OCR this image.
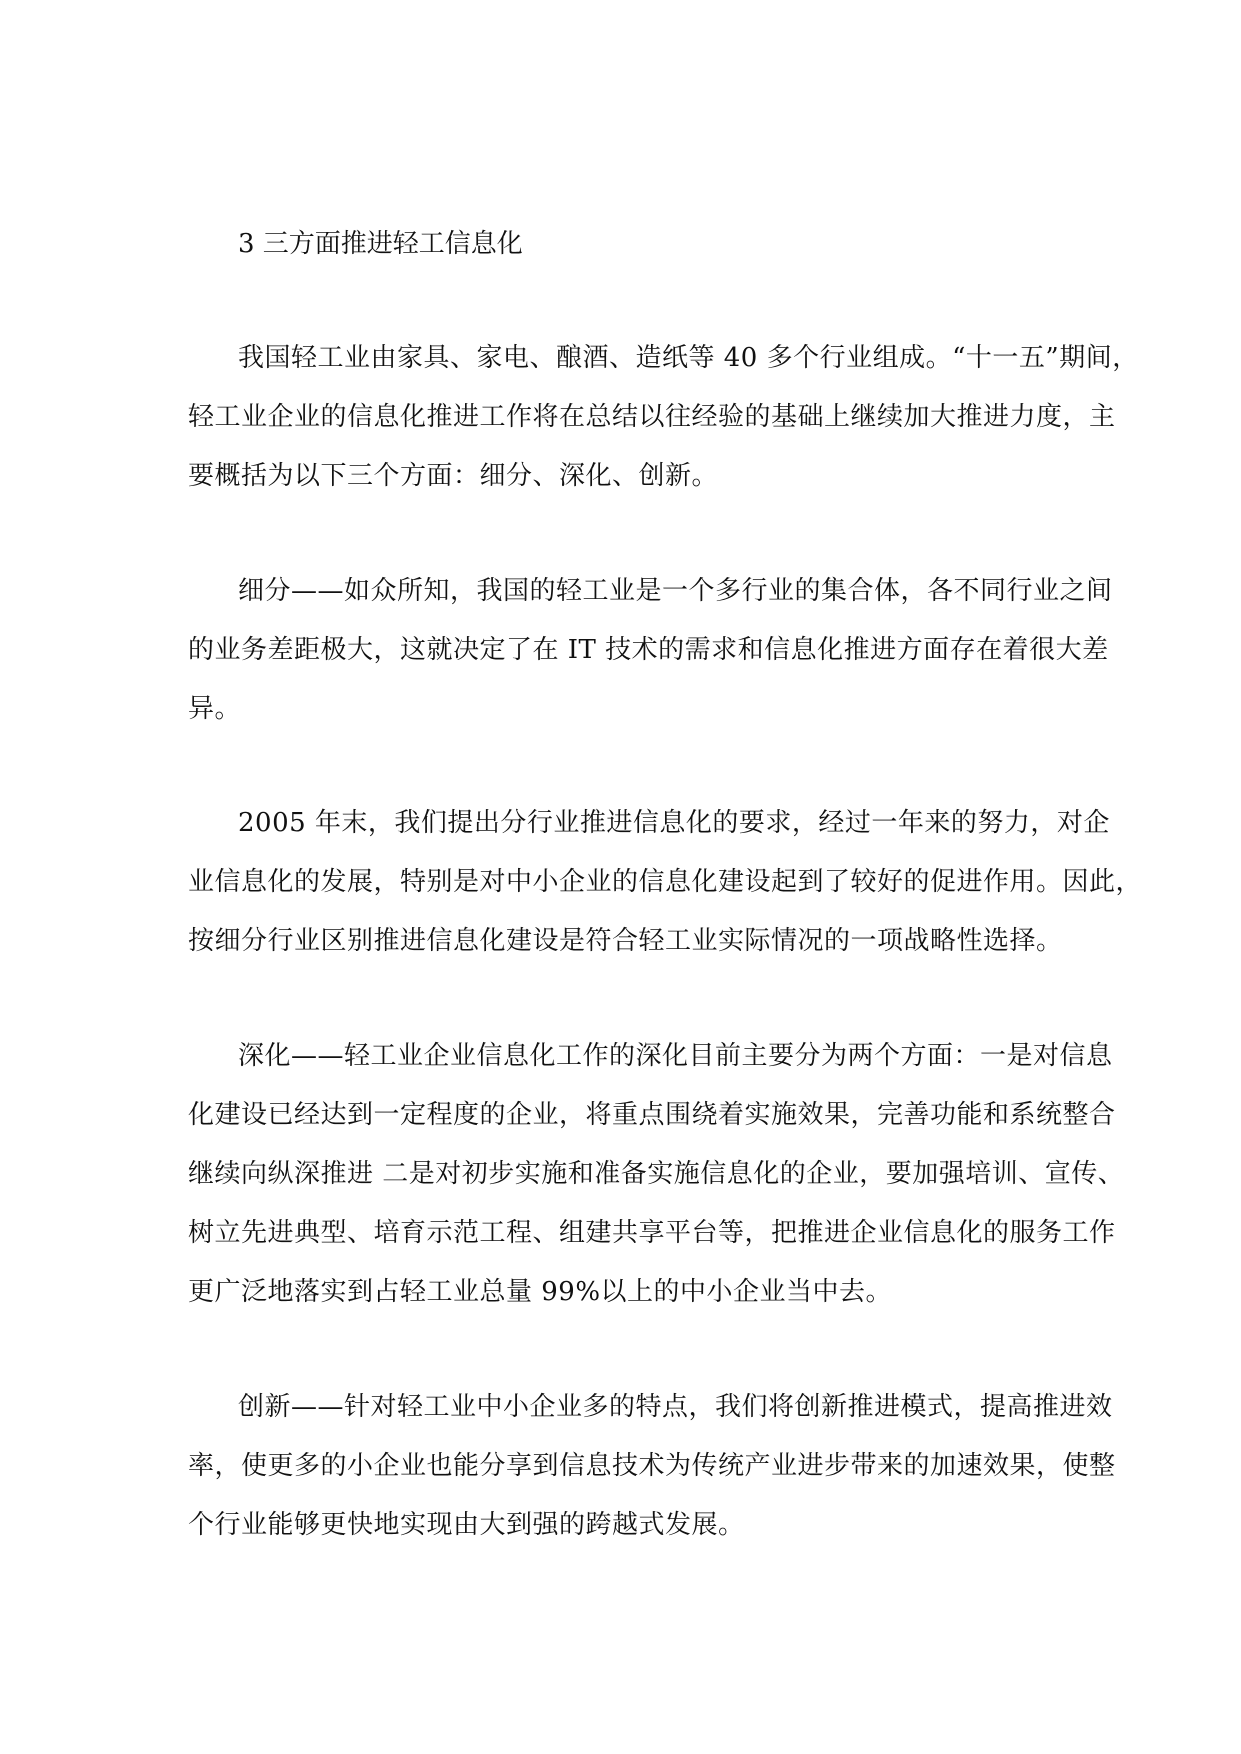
3 三方面推进轻工信息化
我国轻工业由家具、家电、酿酒、造纸等 40 多个行业组成。“十一五”期间，
轻工业企业的信息化推进工作将在总结以往经验的基础上继续加大推进力度，主
要概括为以下三个方面：细分、深化、创新。
细分——如众所知，我国的轻工业是一个多行业的集合体，各不同行业之间
的业务差距极大，这就决定了在 IT 技术的需求和信息化推进方面存在着很大差
异。
2005 年末，我们提出分行业推进信息化的要求，经过一年来的努力，对企
业信息化的发展，特别是对中小企业的信息化建设起到了较好的促进作用。因此，
按细分行业区别推进信息化建设是符合轻工业实际情况的一项战略性选择。
深化——轻工业企业信息化工作的深化目前主要分为两个方面：一是对信息
化建设已经达到一定程度的企业，将重点围绕着实施效果，完善功能和系统整合
继续向纵深推进 二是对初步实施和准备实施信息化的企业，要加强培训、宣传、
树立先进典型、培育示范工程、组建共享平台等，把推进企业信息化的服务工作
更广泛地落实到占轻工业总量 99%以上的中小企业当中去。
创新——针对轻工业中小企业多的特点，我们将创新推进模式，提高推进效
率，使更多的小企业也能分享到信息技术为传统产业进步带来的加速效果，使整
个行业能够更快地实现由大到强的跨越式发展。
